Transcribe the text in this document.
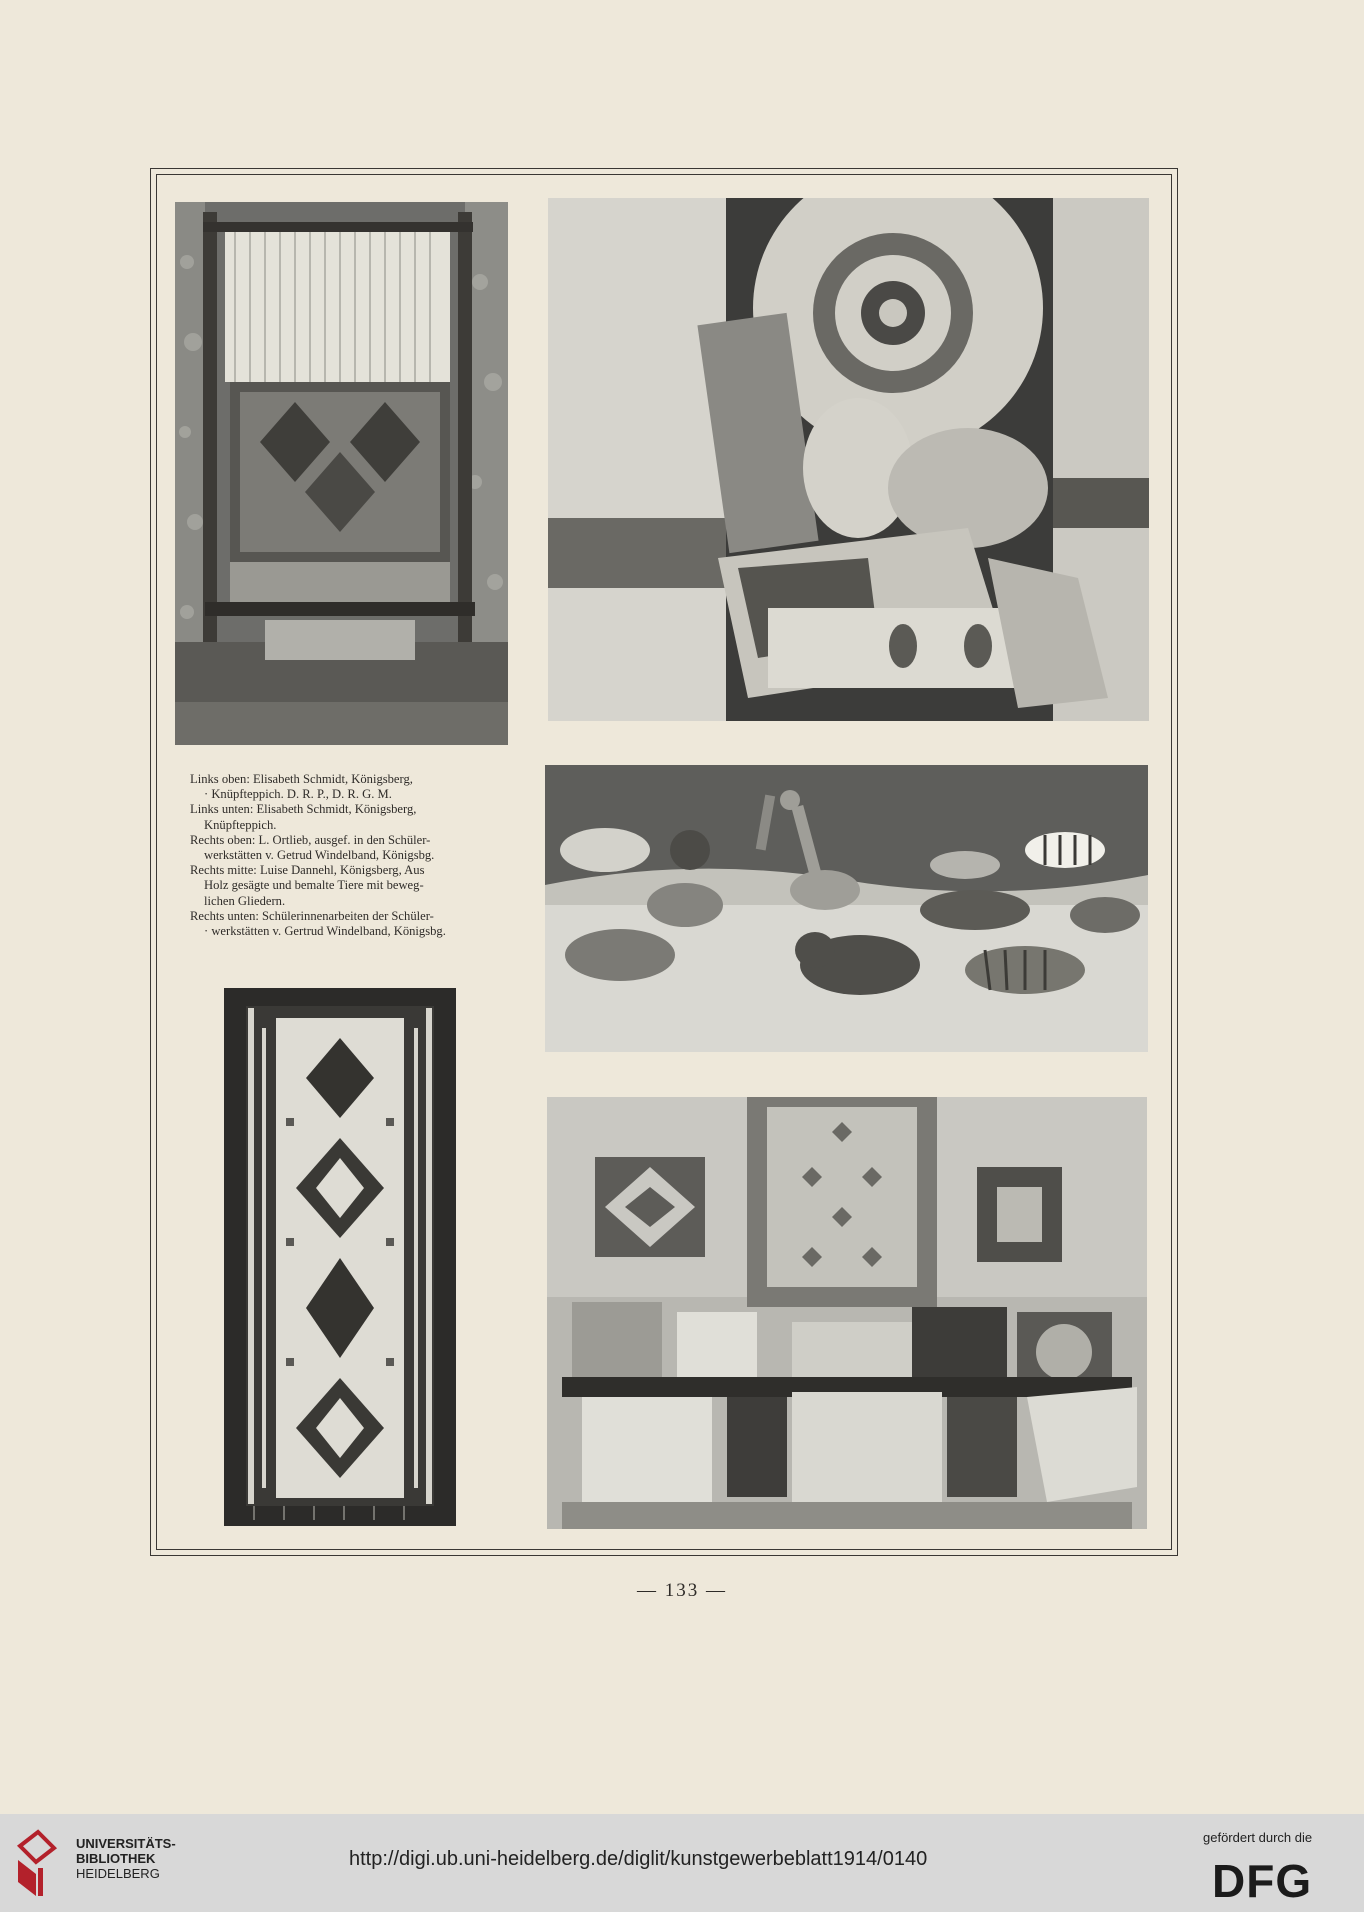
Links oben: Elisabeth Schmidt, Königsberg,
· Knüpfteppich. D. R. P., D. R. G. M.
Links unten: Elisabeth Schmidt, Königsberg,
Knüpfteppich.
Rechts oben: L. Ortlieb, ausgef. in den Schüler-
werkstätten v. Getrud Windelband, Königsbg.
Rechts mitte: Luise Dannehl, Königsberg, Aus
Holz gesägte und bemalte Tiere mit beweg-
lichen Gliedern.
Rechts unten: Schülerinnenarbeiten der Schüler-
· werkstätten v. Gertrud Windelband, Königsbg.
— 133 —
UNIVERSITÄTS-
BIBLIOTHEK
HEIDELBERG
http://digi.ub.uni-heidelberg.de/diglit/kunstgewerbeblatt1914/0140
gefördert durch die
DFG
